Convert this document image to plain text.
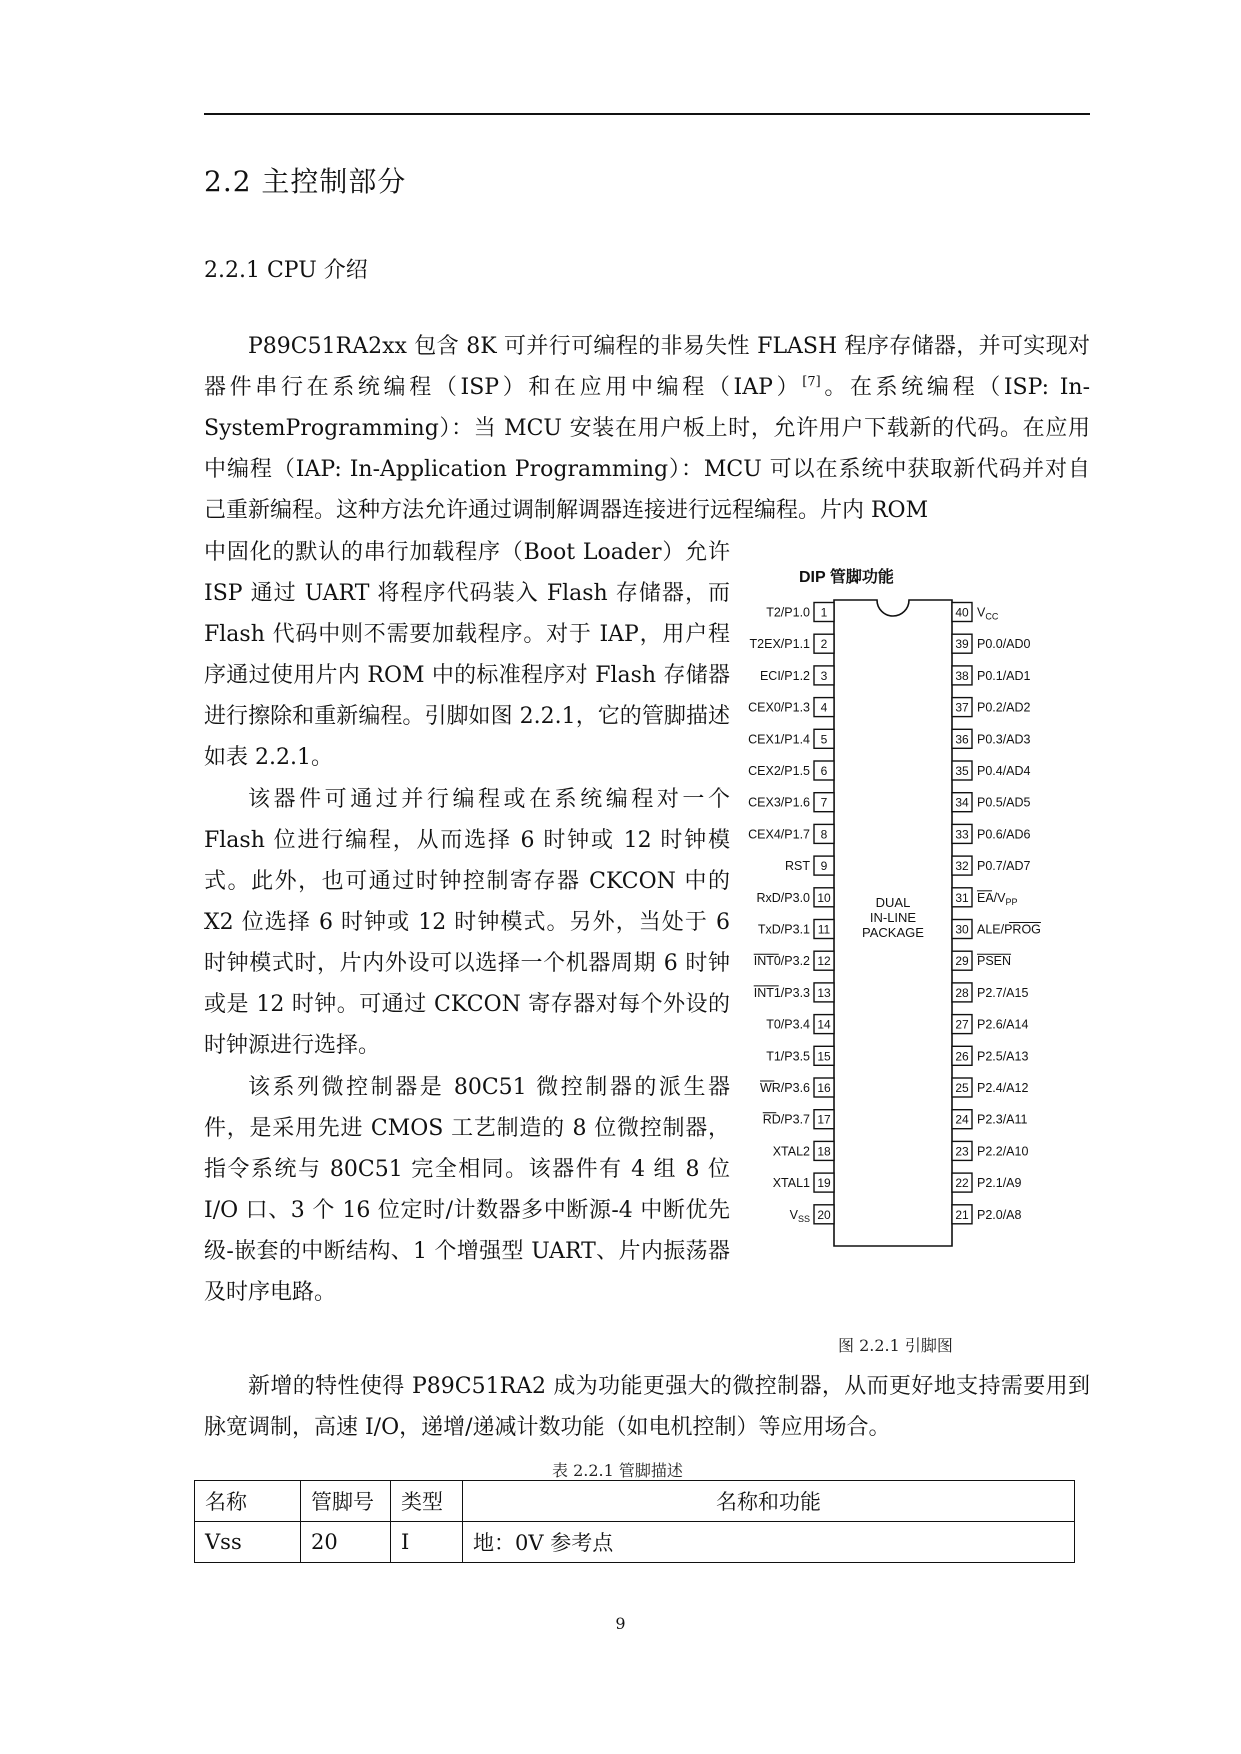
2.2 主控制部分
2.2.1 CPU 介绍

P89C51RA2xx 包含 8K 可并行可编程的非易失性 FLASH 程序存储器，并可实现对器件串行在系统编程（ISP）和在应用中编程（IAP）[7]。在系统编程（ISP: In-SystemProgramming）：当 MCU 安装在用户板上时，允许用户下载新的代码。在应用中编程（IAP: In-Application Programming）：MCU 可以在系统中获取新代码并对自己重新编程。这种方法允许通过调制解调器连接进行远程编程。片内 ROM

中固化的默认的串行加载程序（Boot Loader）允许 ISP 通过 UART 将程序代码装入 Flash 存储器，而 Flash 代码中则不需要加载程序。对于 IAP，用户程序通过使用片内 ROM 中的标准程序对 Flash 存储器进行擦除和重新编程。引脚如图 2.2.1，它的管脚描述如表 2.2.1。

该器件可通过并行编程或在系统编程对一个 Flash 位进行编程，从而选择 6 时钟或 12 时钟模式。此外，也可通过时钟控制寄存器 CKCON 中的 X2 位选择 6 时钟或 12 时钟模式。另外，当处于 6 时钟模式时，片内外设可以选择一个机器周期 6 时钟或是 12 时钟。可通过 CKCON 寄存器对每个外设的时钟源进行选择。

该系列微控制器是 80C51 微控制器的派生器件，是采用先进 CMOS 工艺制造的 8 位微控制器，指令系统与 80C51 完全相同。该器件有 4 组 8 位 I/O 口、3 个 16 位定时/计数器多中断源-4 中断优先级-嵌套的中断结构、1 个增强型 UART、片内振荡器及时序电路。

DIP 管脚功能
DUAL
IN-LINE
PACKAGE
1
T2/P1.0
2
T2EX/P1.1
3
ECI/P1.2
4
CEX0/P1.3
5
CEX1/P1.4
6
CEX2/P1.5
7
CEX3/P1.6
8
CEX4/P1.7
9
RST
10
RxD/P3.0
11
TxD/P3.1
12
INT0/P3.2
13
INT1/P3.3
14
T0/P3.4
15
T1/P3.5
16
WR/P3.6
17
RD/P3.7
18
XTAL2
19
XTAL1
20
$V_{SS}$
40 $V_{CC}$
39 P0.0/AD0
38 P0.1/AD1
37 P0.2/AD2
36 P0.3/AD3
35 P0.4/AD4
34 P0.5/AD5
33 P0.6/AD6
32 P0.7/AD7
31 $EA/V_{PP}$
30 ALE/PROG
29 PSEN
28 P2.7/A15
27 P2.6/A14
26 P2.5/A13
25 P2.4/A12
24 P2.3/A11
23 P2.2/A10
22 P2.1/A9
21 P2.0/A8
图 2.2.1 引脚图

新增的特性使得 P89C51RA2 成为功能更强大的微控制器，从而更好地支持需要用到脉宽调制，高速 I/O，递增/递减计数功能（如电机控制）等应用场合。

表 2.2.1 管脚描述
名称	管脚号	类型	名称和功能
Vss	20	I	地：0V 参考点
9
